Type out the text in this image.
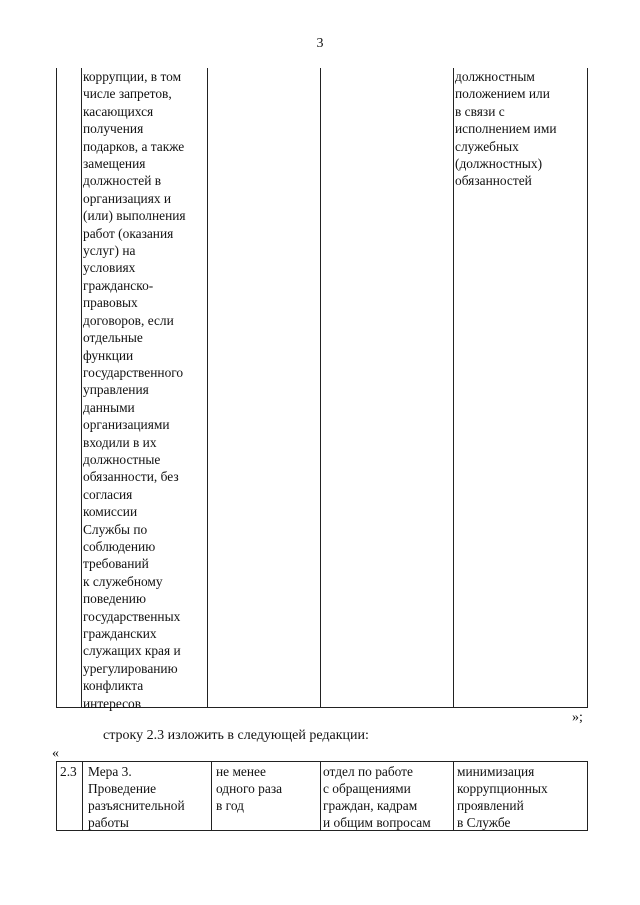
3
коррупции, в том
числе запретов,
касающихся
получения
подарков, а также
замещения
должностей в
организациях и
(или) выполнения
работ (оказания
услуг) на
условиях
гражданско-
правовых
договоров, если
отдельные
функции
государственного
управления
данными
организациями
входили в их
должностные
обязанности, без
согласия
комиссии
Службы по
соблюдению
требований
к служебному
поведению
государственных
гражданских
служащих края и
урегулированию
конфликта
интересов
должностным
положением или
в связи с
исполнением ими
служебных
(должностных)
обязанностей
»;
строку 2.3 изложить в следующей редакции:
«
2.3 Мера 3.
Проведение
разъяснительной
работы
не менее
одного раза
в год
отдел по работе
с обращениями
граждан, кадрам
и общим вопросам
минимизация
коррупционных
проявлений
в Службе
